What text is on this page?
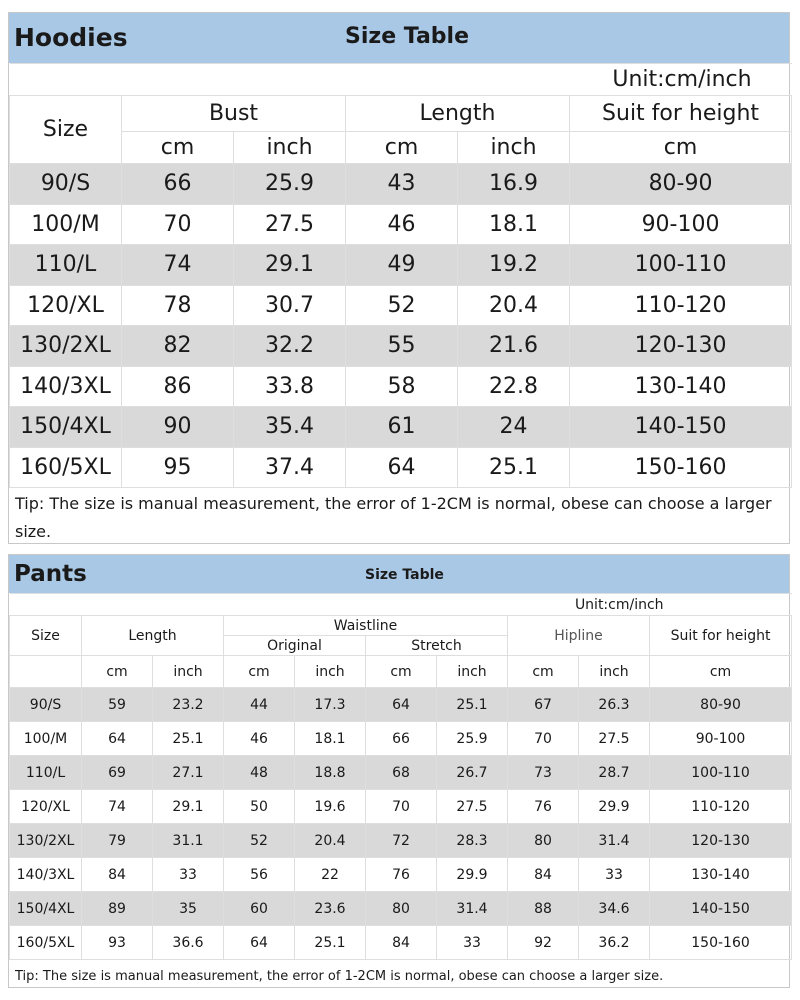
Hoodies	Size Table
Unit:cm/inch					
Size	Bust		Length		Suit for height
	cm	inch	cm	inch	cm
90/S	66	25.9	43	16.9	80-90
100/M	70	27.5	46	18.1	90-100
110/L	74	29.1	49	19.2	100-110
120/XL	78	30.7	52	20.4	110-120
130/2XL	82	32.2	55	21.6	120-130
140/3XL	86	33.8	58	22.8	130-140
150/4XL	90	35.4	61	24	140-150
160/5XL	95	37.4	64	25.1	150-160
Tip: The size is manual measurement, the error of 1-2CM is normal, obese can choose a larger size.
Pants	Size Table
Unit:cm/inch									
Size	Length		Waistline				Hipline		Suit for height
			Original		Stretch				
	cm	inch	cm	inch	cm	inch	cm	inch	cm
90/S	59	23.2	44	17.3	64	25.1	67	26.3	80-90
100/M	64	25.1	46	18.1	66	25.9	70	27.5	90-100
110/L	69	27.1	48	18.8	68	26.7	73	28.7	100-110
120/XL	74	29.1	50	19.6	70	27.5	76	29.9	110-120
130/2XL	79	31.1	52	20.4	72	28.3	80	31.4	120-130
140/3XL	84	33	56	22	76	29.9	84	33	130-140
150/4XL	89	35	60	23.6	80	31.4	88	34.6	140-150
160/5XL	93	36.6	64	25.1	84	33	92	36.2	150-160
Tip: The size is manual measurement, the error of 1-2CM is normal, obese can choose a larger size.
